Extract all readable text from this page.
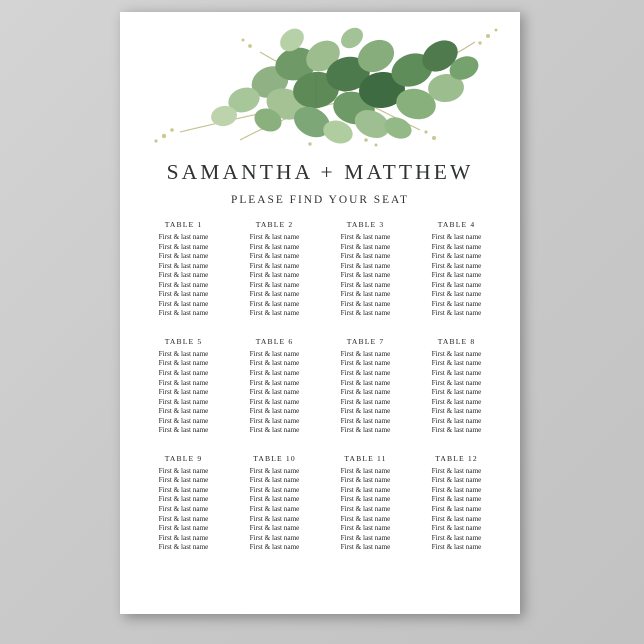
SAMANTHA + MATTHEW
PLEASE FIND YOUR SEAT
TABLE 1
First & last name
First & last name
First & last name
First & last name
First & last name
First & last name
First & last name
First & last name
First & last name
TABLE 2
First & last name
First & last name
First & last name
First & last name
First & last name
First & last name
First & last name
First & last name
First & last name
TABLE 3
First & last name
First & last name
First & last name
First & last name
First & last name
First & last name
First & last name
First & last name
First & last name
TABLE 4
First & last name
First & last name
First & last name
First & last name
First & last name
First & last name
First & last name
First & last name
First & last name
TABLE 5
First & last name
First & last name
First & last name
First & last name
First & last name
First & last name
First & last name
First & last name
First & last name
TABLE 6
First & last name
First & last name
First & last name
First & last name
First & last name
First & last name
First & last name
First & last name
First & last name
TABLE 7
First & last name
First & last name
First & last name
First & last name
First & last name
First & last name
First & last name
First & last name
First & last name
TABLE 8
First & last name
First & last name
First & last name
First & last name
First & last name
First & last name
First & last name
First & last name
First & last name
TABLE 9
First & last name
First & last name
First & last name
First & last name
First & last name
First & last name
First & last name
First & last name
First & last name
TABLE 10
First & last name
First & last name
First & last name
First & last name
First & last name
First & last name
First & last name
First & last name
First & last name
TABLE 11
First & last name
First & last name
First & last name
First & last name
First & last name
First & last name
First & last name
First & last name
First & last name
TABLE 12
First & last name
First & last name
First & last name
First & last name
First & last name
First & last name
First & last name
First & last name
First & last name
